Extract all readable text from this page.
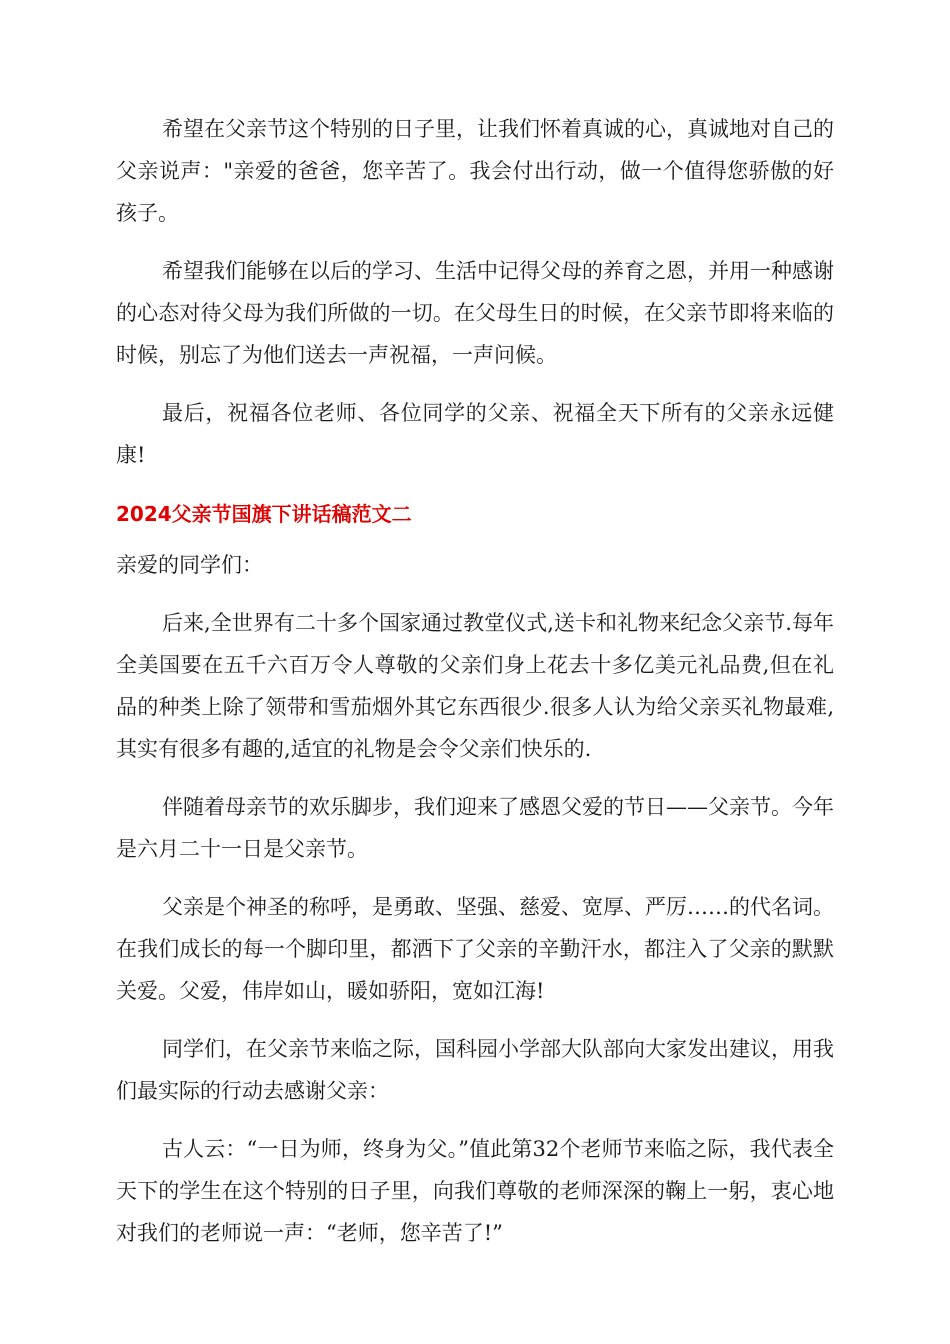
希望在父亲节这个特别的日子里，让我们怀着真诚的心，真诚地对自己的父亲说声："亲爱的爸爸，您辛苦了。我会付出行动，做一个值得您骄傲的好孩子。

希望我们能够在以后的学习、生活中记得父母的养育之恩，并用一种感谢的心态对待父母为我们所做的一切。在父母生日的时候，在父亲节即将来临的时候，别忘了为他们送去一声祝福，一声问候。

最后，祝福各位老师、各位同学的父亲、祝福全天下所有的父亲永远健康!

2024父亲节国旗下讲话稿范文二

亲爱的同学们：

后来,全世界有二十多个国家通过教堂仪式,送卡和礼物来纪念父亲节.每年全美国要在五千六百万令人尊敬的父亲们身上花去十多亿美元礼品费,但在礼品的种类上除了领带和雪茄烟外其它东西很少.很多人认为给父亲买礼物最难,其实有很多有趣的,适宜的礼物是会令父亲们快乐的.

伴随着母亲节的欢乐脚步，我们迎来了感恩父爱的节日——父亲节。今年是六月二十一日是父亲节。

父亲是个神圣的称呼，是勇敢、坚强、慈爱、宽厚、严厉……的代名词。在我们成长的每一个脚印里，都洒下了父亲的辛勤汗水，都注入了父亲的默默关爱。父爱，伟岸如山，暖如骄阳，宽如江海!

同学们，在父亲节来临之际，国科园小学部大队部向大家发出建议，用我们最实际的行动去感谢父亲：

古人云：“一日为师，终身为父。”值此第32个老师节来临之际，我代表全天下的学生在这个特别的日子里，向我们尊敬的老师深深的鞠上一躬，衷心地对我们的老师说一声：“老师，您辛苦了!”
